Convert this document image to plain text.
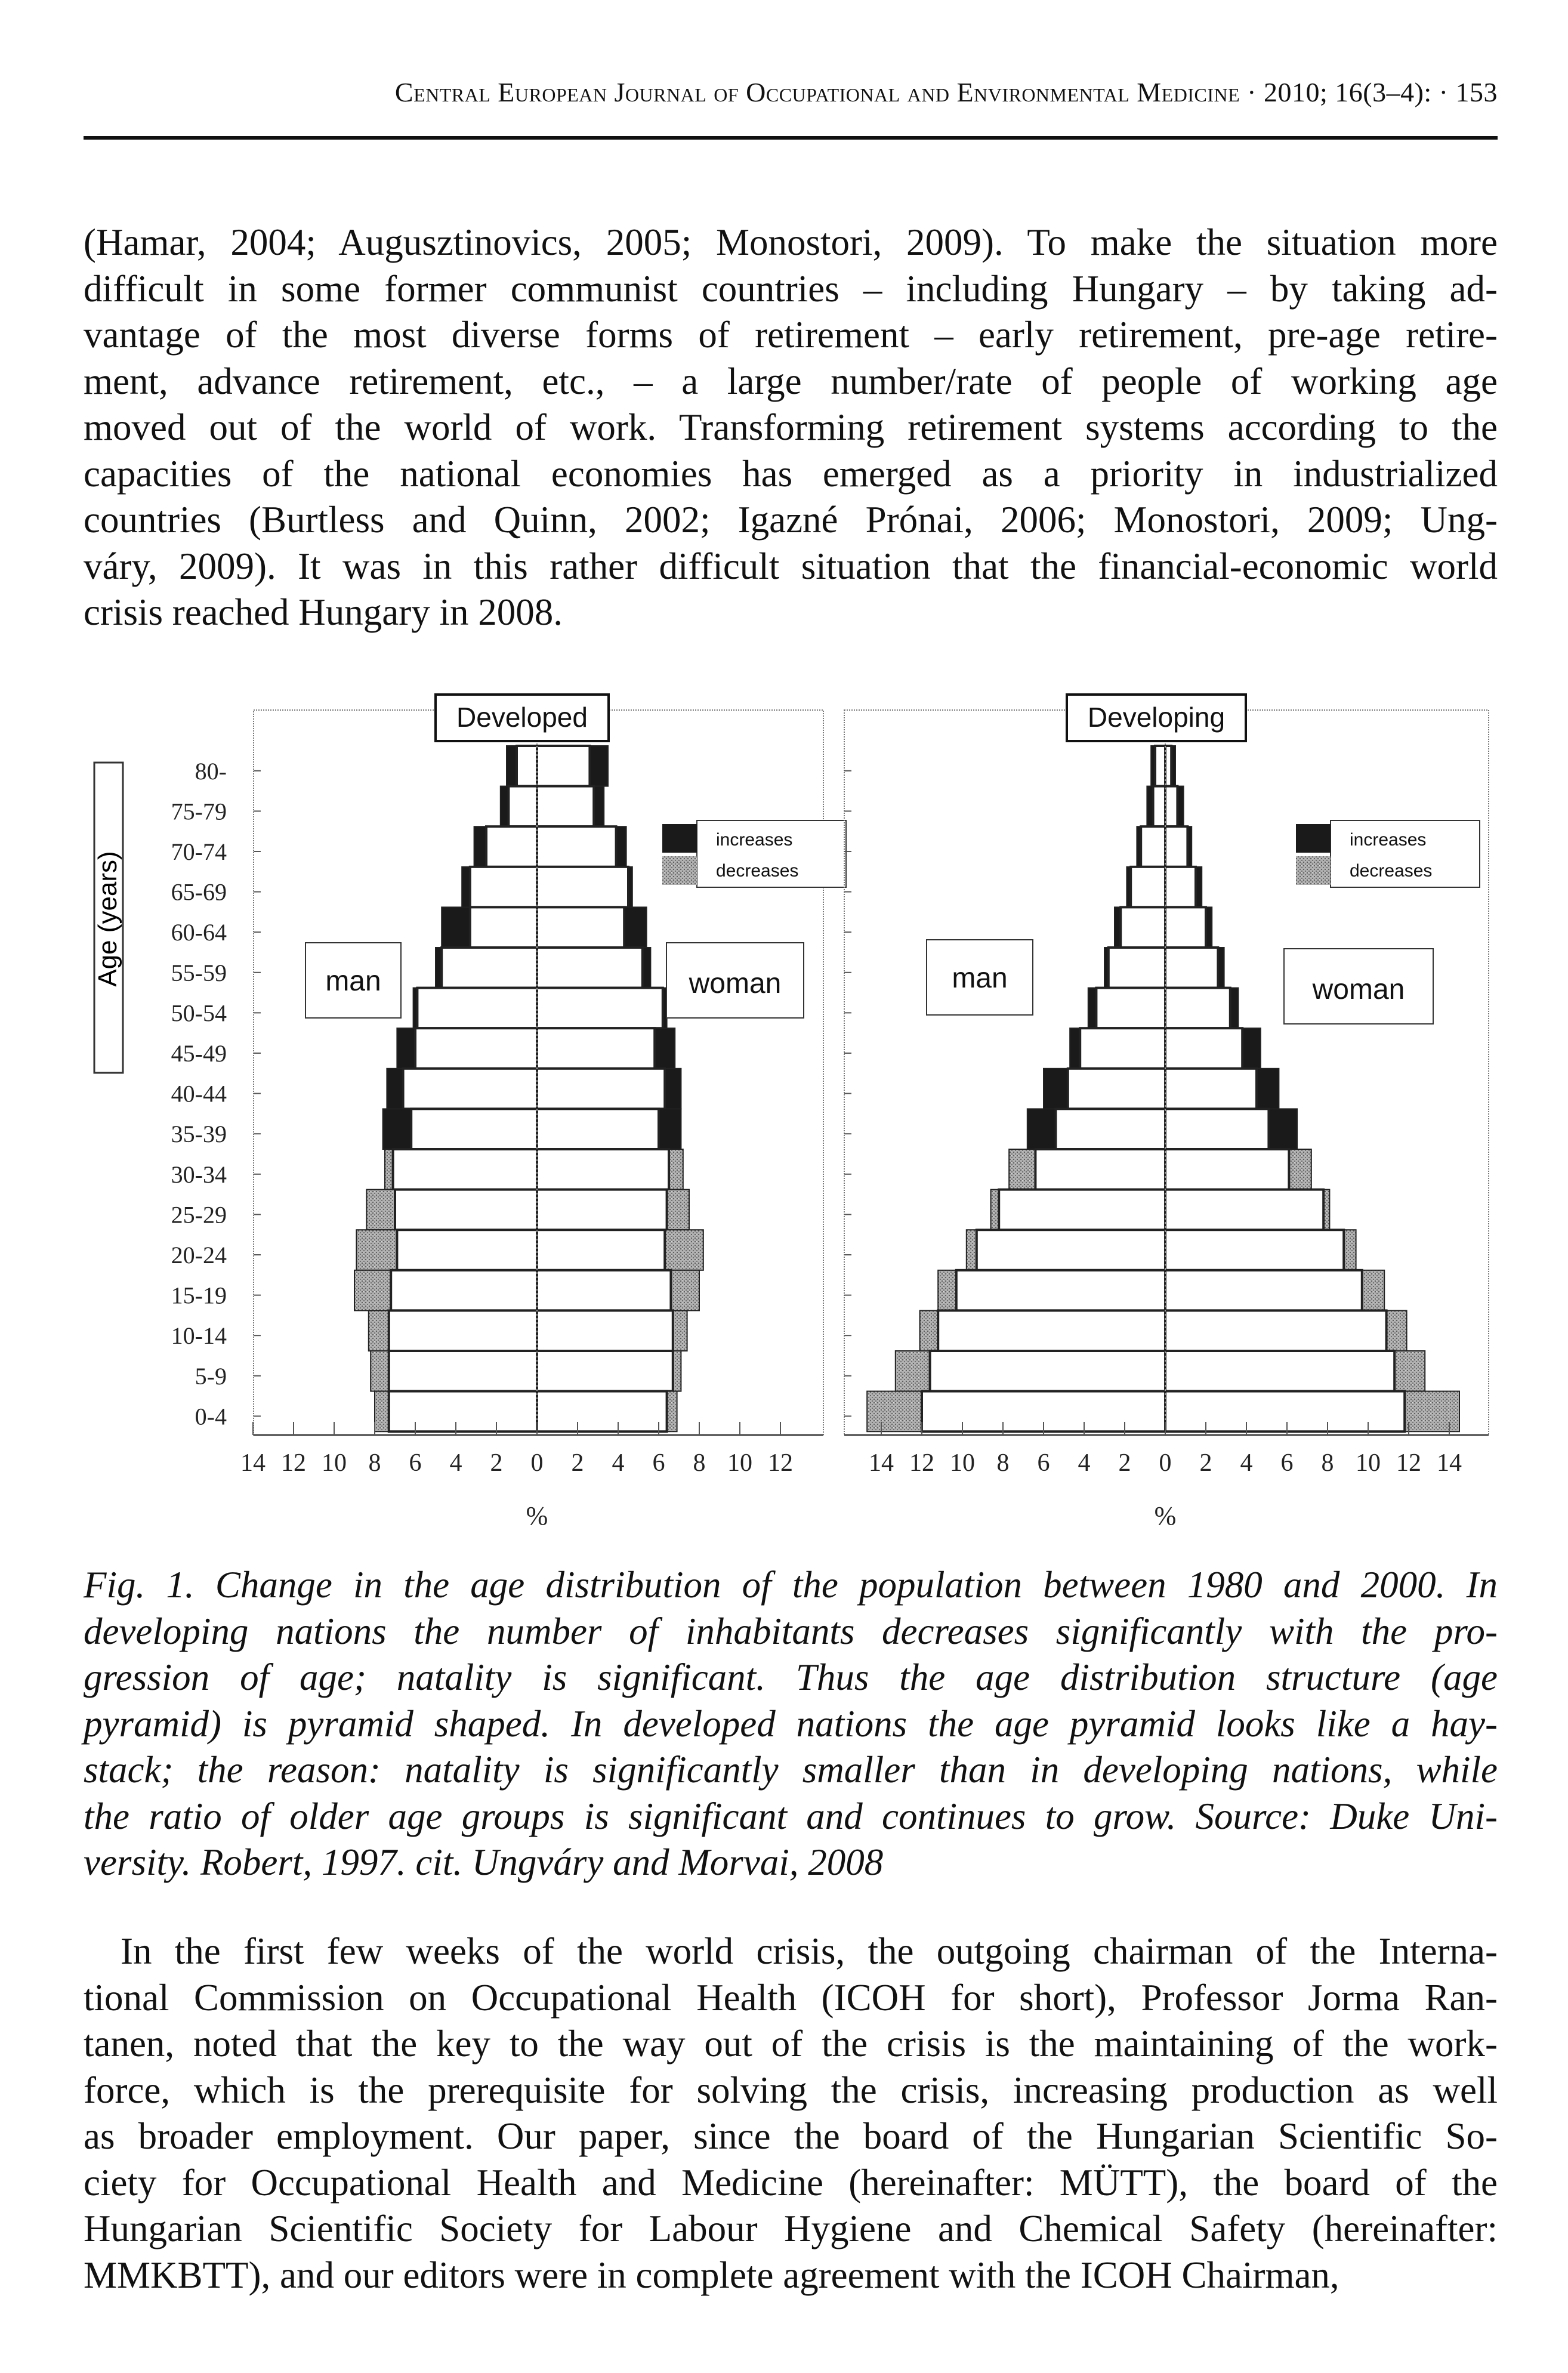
Central European Journal of Occupational and Environmental Medicine · 2010; 16(3–4): · 153
(Hamar, 2004; Augusztinovics, 2005; Monostori, 2009). To make the situation more
difficult in some former communist countries – including Hungary – by taking ad-
vantage of the most diverse forms of retirement – early retirement, pre-age retire-
ment, advance retirement, etc., – a large number/rate of people of working age
moved out of the world of work. Transforming retirement systems according to the
capacities of the national economies has emerged as a priority in industrialized
countries (Burtless and Quinn, 2002; Igazné Prónai, 2006; Monostori, 2009; Ung-
váry, 2009). It was in this rather difficult situation that the financial-economic world
crisis reached Hungary in 2008.
Age (years)
80-
75-79
70-74
65-69
60-64
55-59
50-54
45-49
40-44
35-39
30-34
25-29
20-24
15-19
10-14
5-9
0-4
14 12 10 8 6 4 2 0 2 4 6 8 10 12
%
Developed
increases
decreases
man	woman
14 12 10 8 6 4 2 0 2 4 6 8 10 12 14
%
Developing
increases
decreases
man	woman
Fig. 1. Change in the age distribution of the population between 1980 and 2000. In
developing nations the number of inhabitants decreases significantly with the pro-
gression of age; natality is significant. Thus the age distribution structure (age
pyramid) is pyramid shaped. In developed nations the age pyramid looks like a hay-
stack; the reason: natality is significantly smaller than in developing nations, while
the ratio of older age groups is significant and continues to grow. Source: Duke Uni-
versity. Robert, 1997. cit. Ungváry and Morvai, 2008
In the first few weeks of the world crisis, the outgoing chairman of the Interna-
tional Commission on Occupational Health (ICOH for short), Professor Jorma Ran-
tanen, noted that the key to the way out of the crisis is the maintaining of the work-
force, which is the prerequisite for solving the crisis, increasing production as well
as broader employment. Our paper, since the board of the Hungarian Scientific So-
ciety for Occupational Health and Medicine (hereinafter: MÜTT), the board of the
Hungarian Scientific Society for Labour Hygiene and Chemical Safety (hereinafter:
MMKBTT), and our editors were in complete agreement with the ICOH Chairman,
